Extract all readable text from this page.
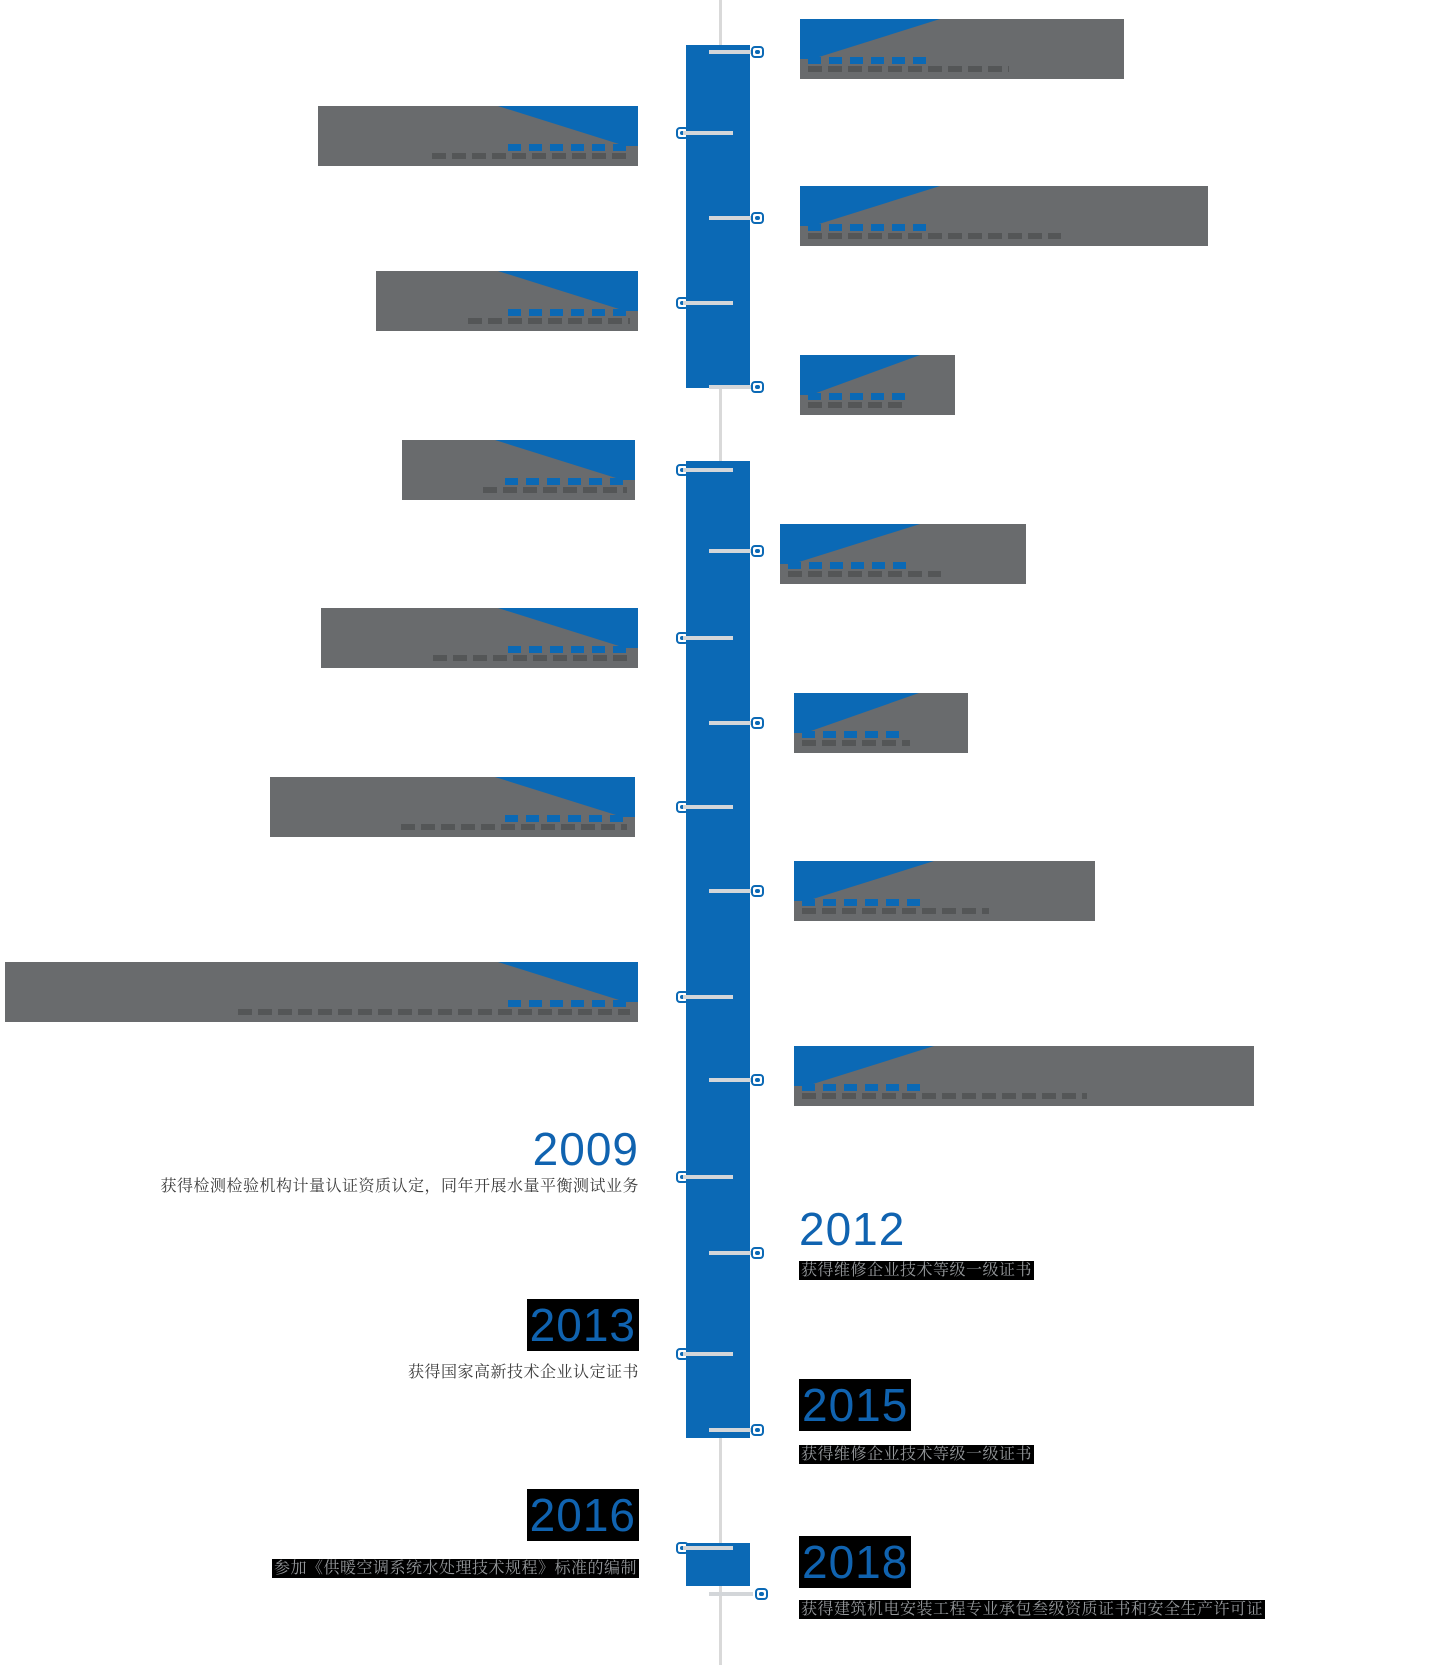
2009
获得检测检验机构计量认证资质认定，同年开展水量平衡测试业务
2012
获得维修企业技术等级一级证书
2013
获得国家高新技术企业认定证书
2015
获得维修企业技术等级一级证书
2016
参加《供暖空调系统水处理技术规程》标准的编制	2018
获得建筑机电安装工程专业承包叁级资质证书和安全生产许可证
